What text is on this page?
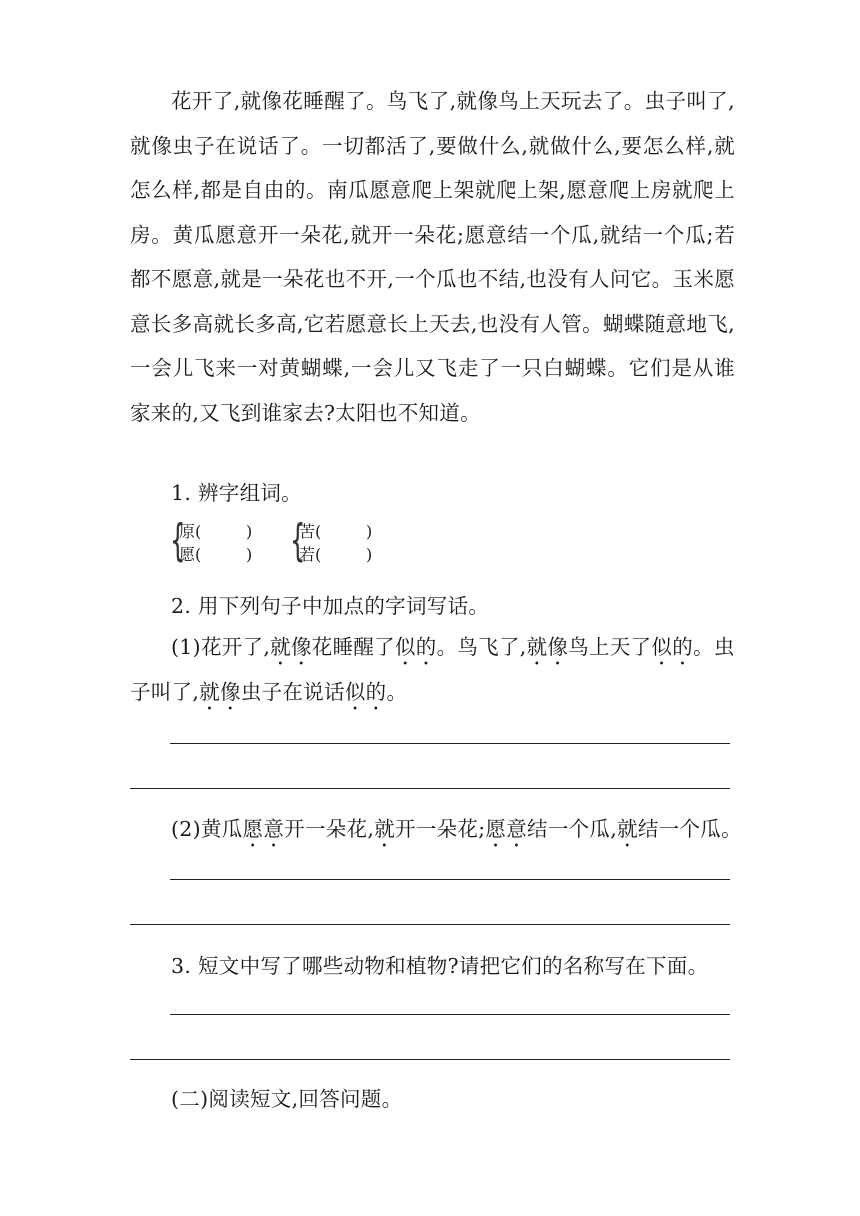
花开了,就像花睡醒了。鸟飞了,就像鸟上天玩去了。虫子叫了,就像虫子在说话了。一切都活了,要做什么,就做什么,要怎么样,就怎么样,都是自由的。南瓜愿意爬上架就爬上架,愿意爬上房就爬上房。黄瓜愿意开一朵花,就开一朵花;愿意结一个瓜,就结一个瓜;若都不愿意,就是一朵花也不开,一个瓜也不结,也没有人问它。玉米愿意长多高就长多高,它若愿意长上天去,也没有人管。蝴蝶随意地飞,一会儿飞来一对黄蝴蝶,一会儿又飞走了一只白蝴蝶。它们是从谁家来的,又飞到谁家去?太阳也不知道。

1. 辨字组词。
{
原(
愿(
)
) {
苦(
若(
)
)
2. 用下列句子中加点的字词写话。
(1)花开了,就像花睡醒了似的。鸟飞了,就像鸟上天了似的。虫
子叫了,就像虫子在说话似的。
(2)黄瓜愿意开一朵花,就开一朵花;愿意结一个瓜,就结一个瓜。
3. 短文中写了哪些动物和植物?请把它们的名称写在下面。
(二)阅读短文,回答问题。
